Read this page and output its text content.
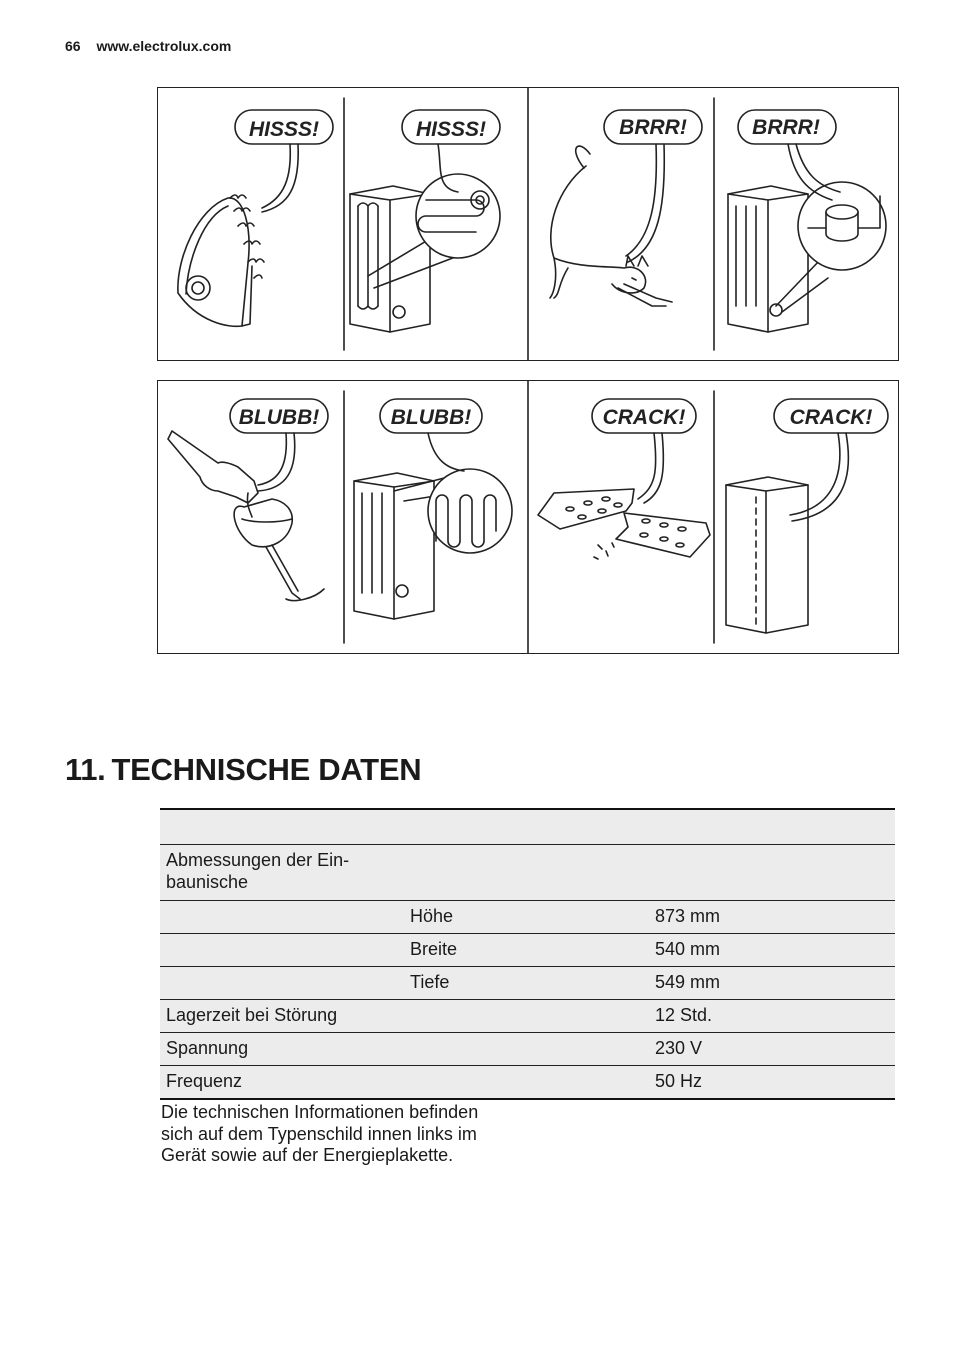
66 www.electrolux.com
HISSS!	HISSS!	BRRR!	BRRR!
BLUBB!	BLUBB!	CRACK!	CRACK!
11. TECHNISCHE DATEN
Abmessungen der Ein-
baunische
Höhe	873 mm
Breite	540 mm
Tiefe	549 mm
Lagerzeit bei Störung	12 Std.
Spannung	230 V
Frequenz	50 Hz

Die technischen Informationen befinden sich auf dem Typenschild innen links im Gerät sowie auf der Energieplakette.
